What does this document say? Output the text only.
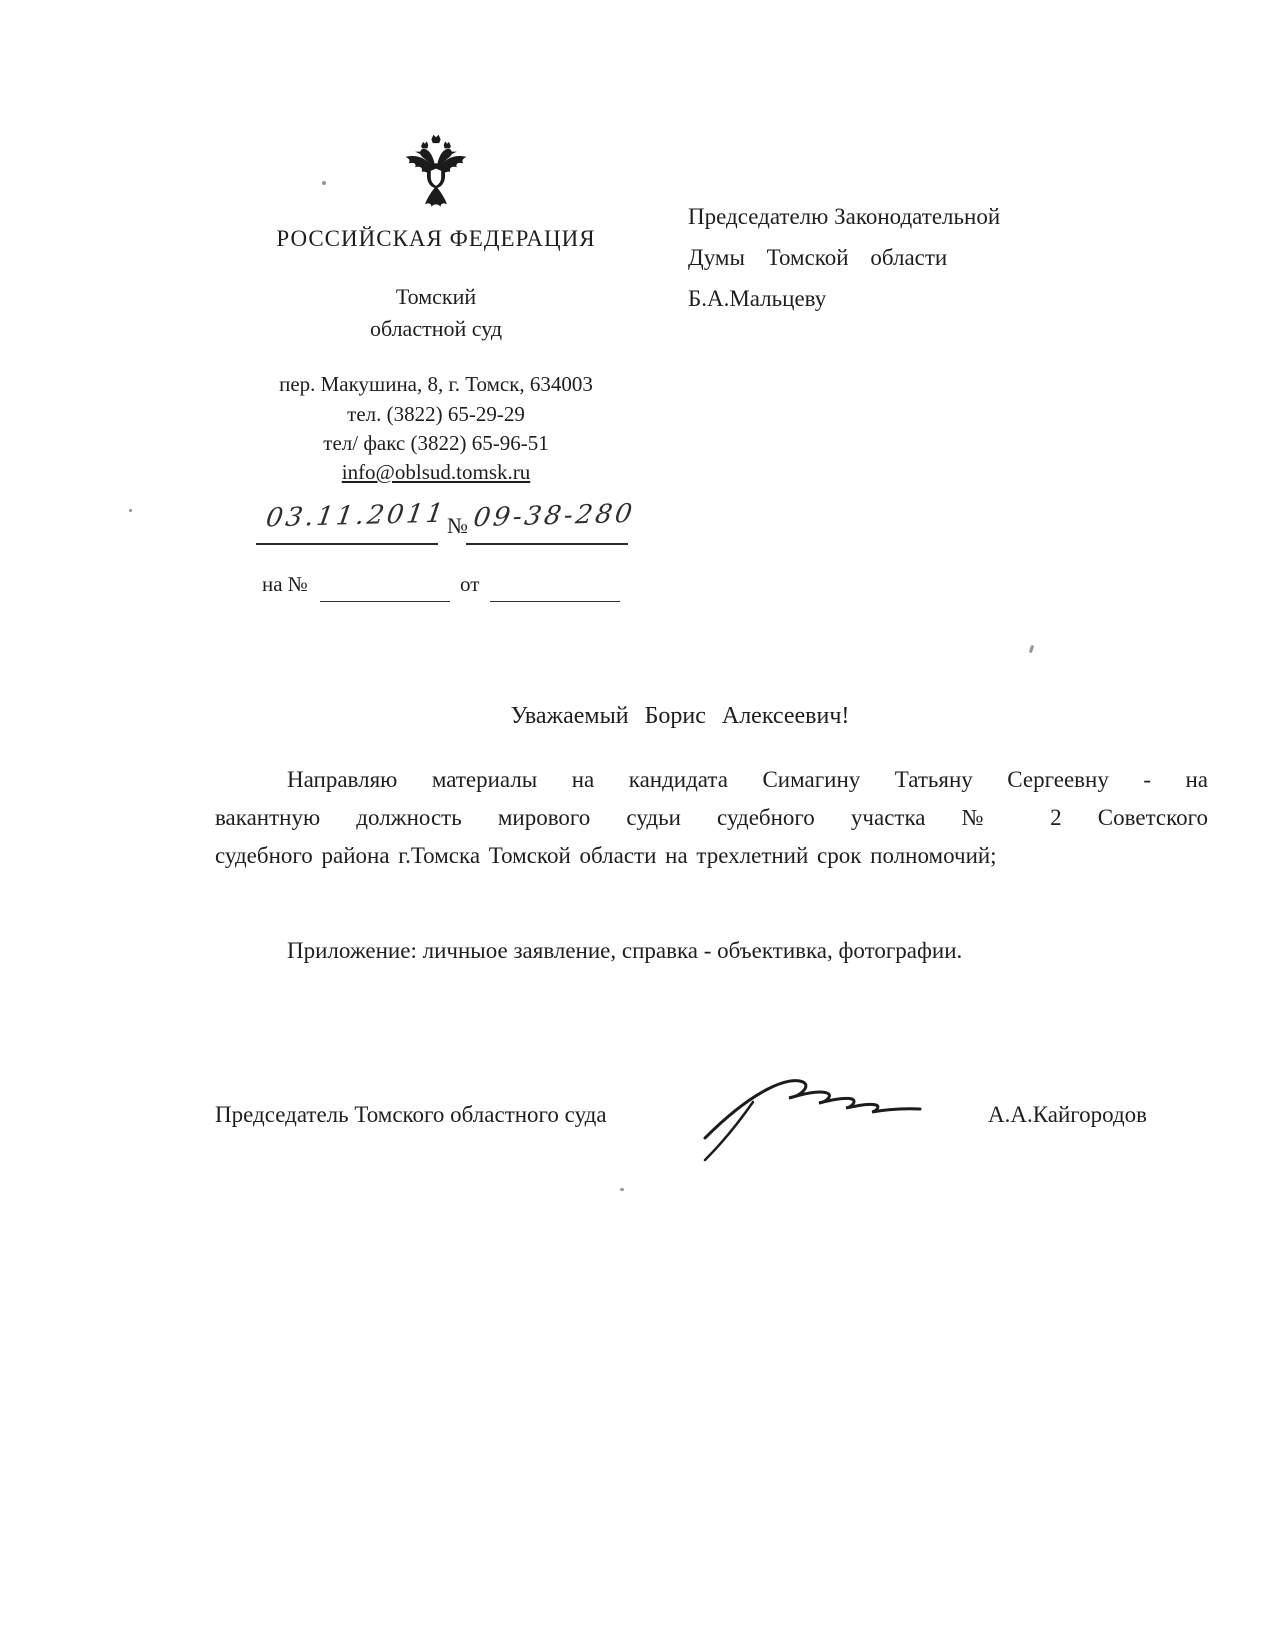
РОССИЙСКАЯ ФЕДЕРАЦИЯ
Томский
областной суд
пер. Макушина, 8, г. Томск, 634003
тел. (3822) 65-29-29
тел/ факс (3822) 65-96-51
info@oblsud.tomsk.ru
03.11.2011
№ 09-38-280
на №	от
Председателю Законодательной
Думы Томской области
Б.А.Мальцеву
Уважаемый Борис Алексеевич!
Направляю материалы на кандидата Симагину Татьяну Сергеевну - на
вакантную должность мирового судьи судебного участка № 2 Советского
судебного района г.Томска Томской области на трехлетний срок полномочий;
Приложение: личныое заявление, справка - объективка, фотографии.
Председатель Томского областного суда	А.А.Кайгородов
